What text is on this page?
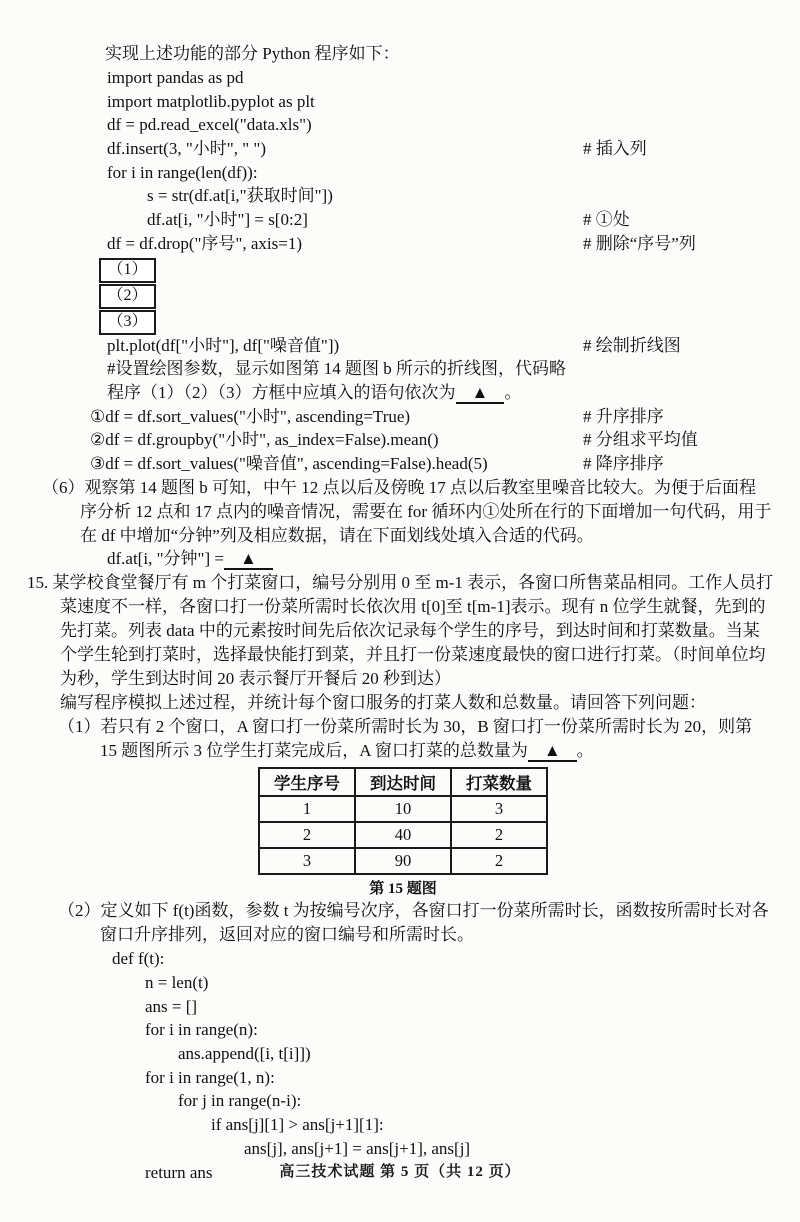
实现上述功能的部分 Python 程序如下：
import pandas as pd
import matplotlib.pyplot as plt
df = pd.read_excel("data.xls")
df.insert(3, "小时", " ")	# 插入列
for i in range(len(df)):
s = str(df.at[i,"获取时间"])
df.at[i, "小时"] = s[0:2]	# ①处
df = df.drop("序号", axis=1)	# 删除“序号”列
（1）
（2）
（3）
plt.plot(df["小时"], df["噪音值"])	# 绘制折线图
#设置绘图参数，显示如图第 14 题图 b 所示的折线图，代码略
程序（1）（2）（3）方框中应填入的语句依次为 ▲ 。
①df = df.sort_values("小时", ascending=True)	# 升序排序
②df = df.groupby("小时", as_index=False).mean()	# 分组求平均值
③df = df.sort_values("噪音值", ascending=False).head(5)	# 降序排序
（6）观察第 14 题图 b 可知，中午 12 点以后及傍晚 17 点以后教室里噪音比较大。为便于后面程序分析 12 点和 17 点内的噪音情况，需要在 for 循环内①处所在行的下面增加一句代码，用于在 df 中增加“分钟”列及相应数据，请在下面划线处填入合适的代码。
df.at[i, "分钟"] = ▲
15. 某学校食堂餐厅有 m 个打菜窗口，编号分别用 0 至 m-1 表示，各窗口所售菜品相同。工作人员打菜速度不一样，各窗口打一份菜所需时长依次用 t[0]至 t[m-1]表示。现有 n 位学生就餐，先到的先打菜。列表 data 中的元素按时间先后依次记录每个学生的序号，到达时间和打菜数量。当某个学生轮到打菜时，选择最快能打到菜，并且打一份菜速度最快的窗口进行打菜。（时间单位均为秒，学生到达时间 20 表示餐厅开餐后 20 秒到达）
编写程序模拟上述过程，并统计每个窗口服务的打菜人数和总数量。请回答下列问题：
（1）若只有 2 个窗口，A 窗口打一份菜所需时长为 30，B 窗口打一份菜所需时长为 20，则第 15 题图所示 3 位学生打菜完成后，A 窗口打菜的总数量为 ▲ 。
学生序号	到达时间	打菜数量
1	10	3
2	40	2
3	90	2
第 15 题图
（2）定义如下 f(t)函数，参数 t 为按编号次序，各窗口打一份菜所需时长，函数按所需时长对各窗口升序排列，返回对应的窗口编号和所需时长。
def f(t):
n = len(t)
ans = []
for i in range(n):
ans.append([i, t[i]])
for i in range(1, n):
for j in range(n-i):
if ans[j][1] > ans[j+1][1]:
ans[j], ans[j+1] = ans[j+1], ans[j]
return ans	高三技术试题 第 5 页（共 12 页）
